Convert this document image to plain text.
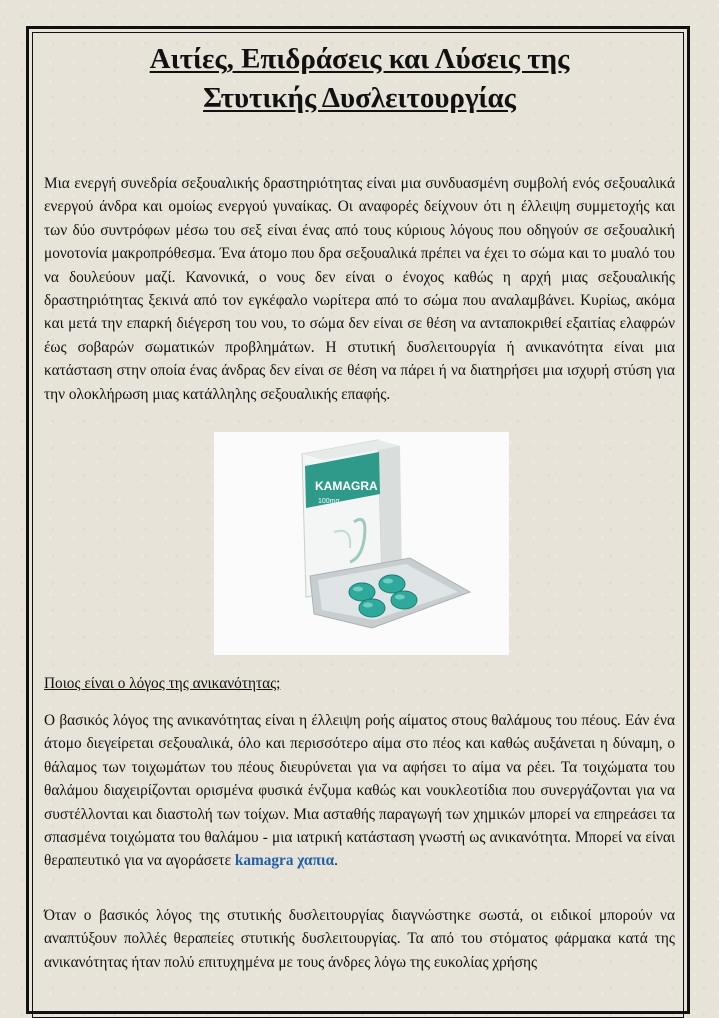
Αιτίες, Επιδράσεις και Λύσεις της
Στυτικής Δυσλειτουργίας

Μια ενεργή συνεδρία σεξουαλικής δραστηριότητας είναι μια συνδυασμένη συμβολή ενός σεξουαλικά ενεργού άνδρα και ομοίως ενεργού γυναίκας. Οι αναφορές δείχνουν ότι η έλλειψη συμμετοχής και των δύο συντρόφων μέσω του σεξ είναι ένας από τους κύριους λόγους που οδηγούν σε σεξουαλική μονοτονία μακροπρόθεσμα. Ένα άτομο που δρα σεξουαλικά πρέπει να έχει το σώμα και το μυαλό του να δουλεύουν μαζί. Κανονικά, ο νους δεν είναι ο ένοχος καθώς η αρχή μιας σεξουαλικής δραστηριότητας ξεκινά από τον εγκέφαλο νωρίτερα από το σώμα που αναλαμβάνει. Κυρίως, ακόμα και μετά την επαρκή διέγερση του νου, το σώμα δεν είναι σε θέση να ανταποκριθεί εξαιτίας ελαφρών έως σοβαρών σωματικών προβλημάτων. Η στυτική δυσλειτουργία ή ανικανότητα είναι μια κατάσταση στην οποία ένας άνδρας δεν είναι σε θέση να πάρει ή να διατηρήσει μια ισχυρή στύση για την ολοκλήρωση μιας κατάλληλης σεξουαλικής επαφής.

KAMAGRA
100mg
Ποιος είναι ο λόγος της ανικανότητας;

Ο βασικός λόγος της ανικανότητας είναι η έλλειψη ροής αίματος στους θαλάμους του πέους. Εάν ένα άτομο διεγείρεται σεξουαλικά, όλο και περισσότερο αίμα στο πέος και καθώς αυξάνεται η δύναμη, ο θάλαμος των τοιχωμάτων του πέους διευρύνεται για να αφήσει το αίμα να ρέει. Τα τοιχώματα του θαλάμου διαχειρίζονται ορισμένα φυσικά ένζυμα καθώς και νουκλεοτίδια που συνεργάζονται για να συστέλλονται και διαστολή των τοίχων. Μια ασταθής παραγωγή των χημικών μπορεί να επηρεάσει τα σπασμένα τοιχώματα του θαλάμου - μια ιατρική κατάσταση γνωστή ως ανικανότητα. Μπορεί να είναι θεραπευτικό για να αγοράσετε kamagra χαπια.

Όταν ο βασικός λόγος της στυτικής δυσλειτουργίας διαγνώστηκε σωστά, οι ειδικοί μπορούν να αναπτύξουν πολλές θεραπείες στυτικής δυσλειτουργίας. Τα από του στόματος φάρμακα κατά της ανικανότητας ήταν πολύ επιτυχημένα με τους άνδρες λόγω της ευκολίας χρήσης
